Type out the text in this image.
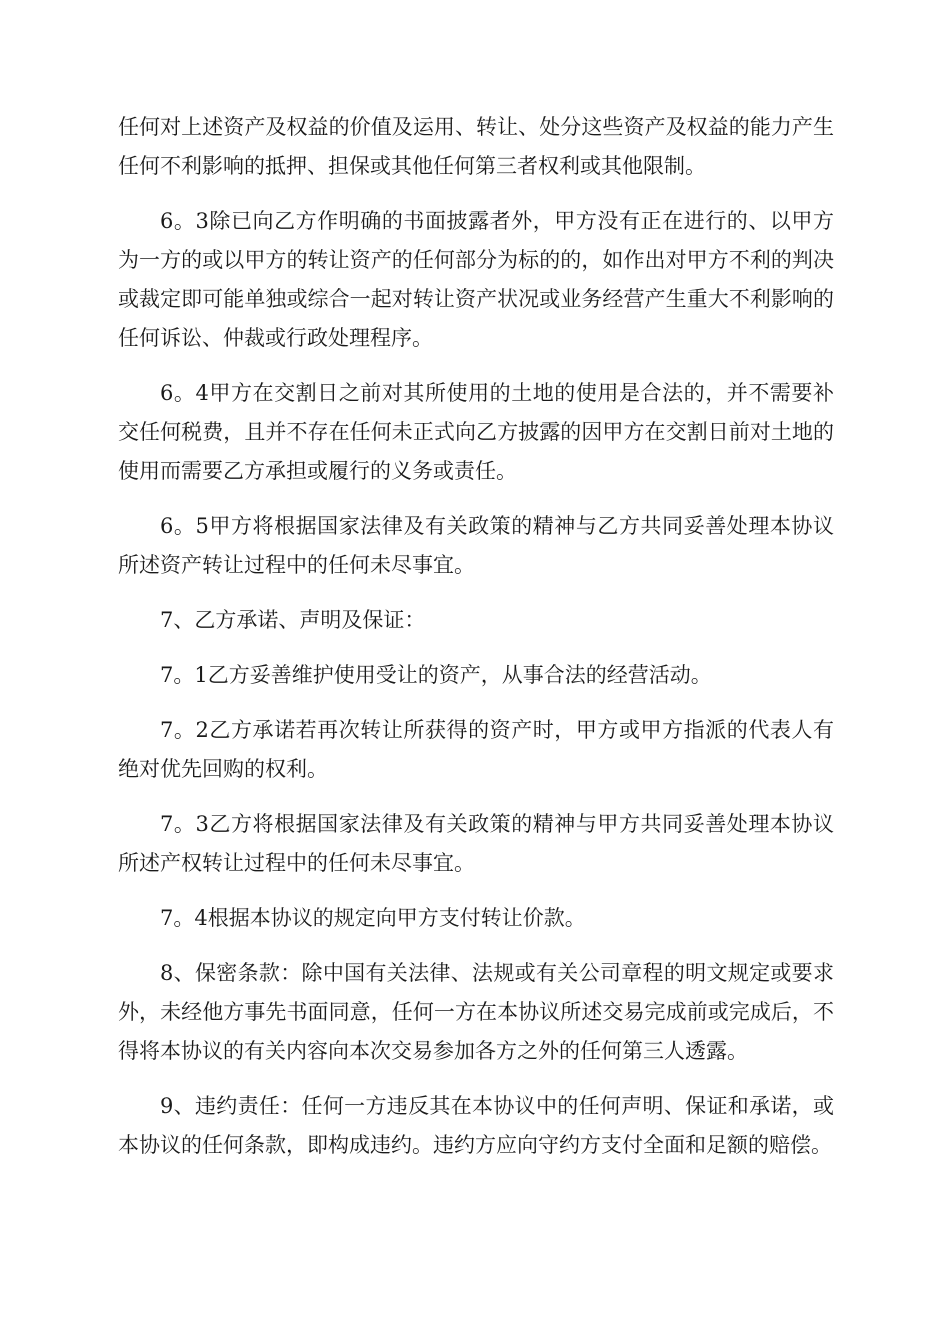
任何对上述资产及权益的价值及运用、转让、处分这些资产及权益的能力产生任何不利影响的抵押、担保或其他任何第三者权利或其他限制。

6。3除已向乙方作明确的书面披露者外，甲方没有正在进行的、以甲方为一方的或以甲方的转让资产的任何部分为标的的，如作出对甲方不利的判决或裁定即可能单独或综合一起对转让资产状况或业务经营产生重大不利影响的任何诉讼、仲裁或行政处理程序。

6。4甲方在交割日之前对其所使用的土地的使用是合法的，并不需要补交任何税费，且并不存在任何未正式向乙方披露的因甲方在交割日前对土地的使用而需要乙方承担或履行的义务或责任。

6。5甲方将根据国家法律及有关政策的精神与乙方共同妥善处理本协议所述资产转让过程中的任何未尽事宜。

7、乙方承诺、声明及保证：

7。1乙方妥善维护使用受让的资产，从事合法的经营活动。

7。2乙方承诺若再次转让所获得的资产时，甲方或甲方指派的代表人有绝对优先回购的权利。

7。3乙方将根据国家法律及有关政策的精神与甲方共同妥善处理本协议所述产权转让过程中的任何未尽事宜。

7。4根据本协议的规定向甲方支付转让价款。

8、保密条款：除中国有关法律、法规或有关公司章程的明文规定或要求外，未经他方事先书面同意，任何一方在本协议所述交易完成前或完成后，不得将本协议的有关内容向本次交易参加各方之外的任何第三人透露。

9、违约责任：任何一方违反其在本协议中的任何声明、保证和承诺，或本协议的任何条款，即构成违约。违约方应向守约方支付全面和足额的赔偿。
